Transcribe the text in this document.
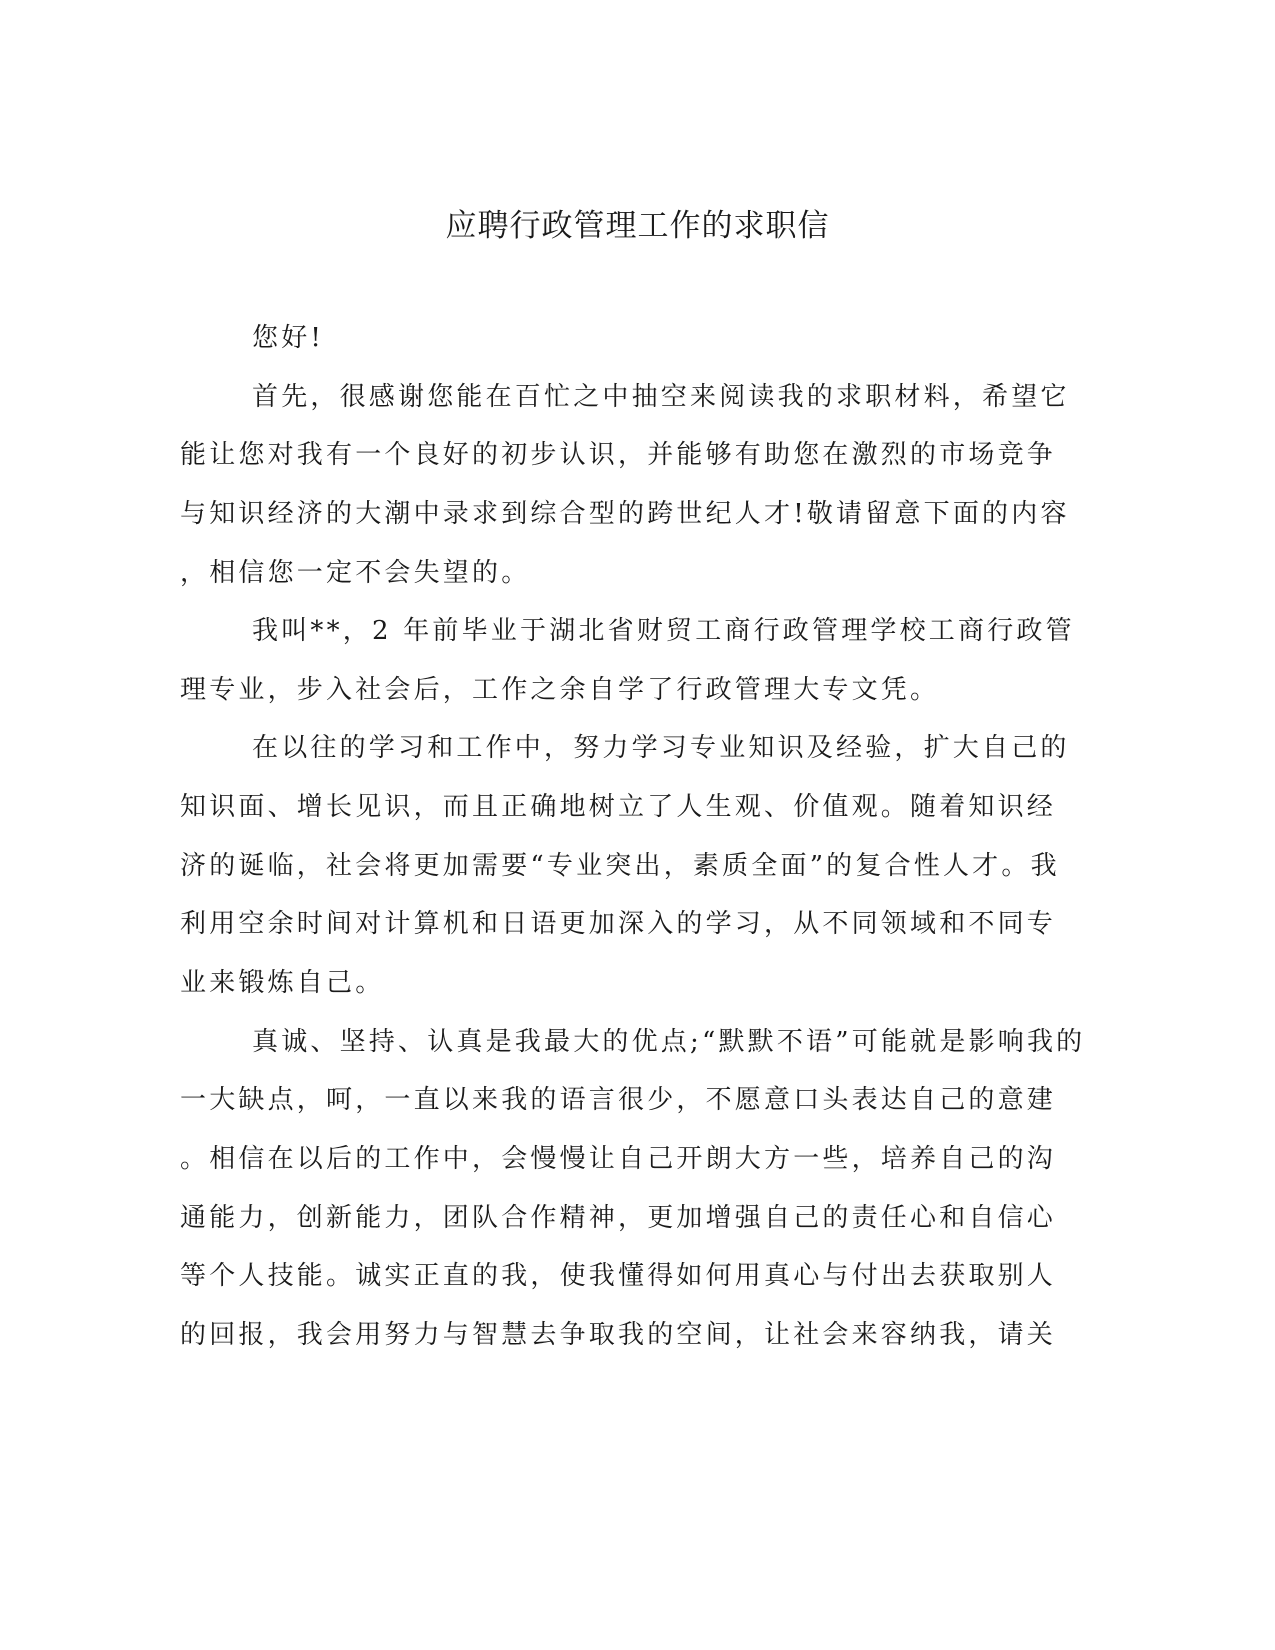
应聘行政管理工作的求职信
您好!
首先，很感谢您能在百忙之中抽空来阅读我的求职材料，希望它
能让您对我有一个良好的初步认识，并能够有助您在激烈的市场竞争
与知识经济的大潮中录求到综合型的跨世纪人才!敬请留意下面的内容
，相信您一定不会失望的。
我叫**，2 年前毕业于湖北省财贸工商行政管理学校工商行政管
理专业，步入社会后，工作之余自学了行政管理大专文凭。
在以往的学习和工作中，努力学习专业知识及经验，扩大自己的
知识面、增长见识，而且正确地树立了人生观、价值观。随着知识经
济的诞临，社会将更加需要“专业突出，素质全面”的复合性人才。我
利用空余时间对计算机和日语更加深入的学习，从不同领域和不同专
业来锻炼自己。
真诚、坚持、认真是我最大的优点;“默默不语”可能就是影响我的
一大缺点，呵，一直以来我的语言很少，不愿意口头表达自己的意建
。相信在以后的工作中，会慢慢让自己开朗大方一些，培养自己的沟
通能力，创新能力，团队合作精神，更加增强自己的责任心和自信心
等个人技能。诚实正直的我，使我懂得如何用真心与付出去获取别人
的回报，我会用努力与智慧去争取我的空间，让社会来容纳我，请关
